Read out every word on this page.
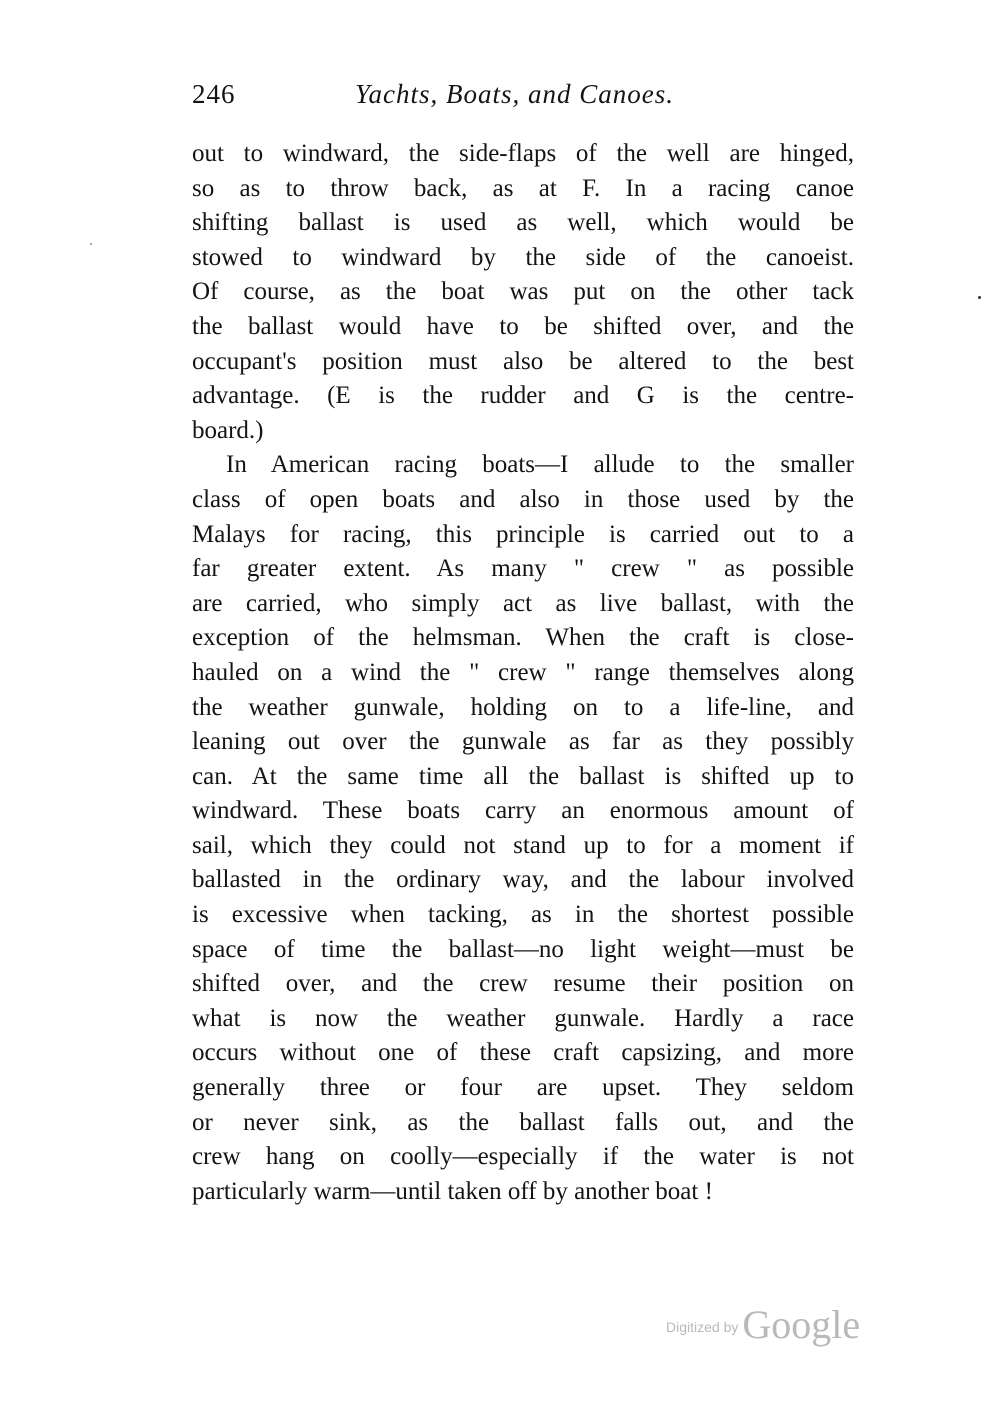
246	Yachts, Boats, and Canoes.
out to windward, the side-flaps of the well are hinged,
so as to throw back, as at F. In a racing canoe
shifting ballast is used as well, which would be
stowed to windward by the side of the canoeist.
Of course, as the boat was put on the other tack
the ballast would have to be shifted over, and the
occupant's position must also be altered to the best
advantage. (E is the rudder and G is the centre-
board.)
In American racing boats—I allude to the smaller
class of open boats and also in those used by the
Malays for racing, this principle is carried out to a
far greater extent. As many " crew " as possible
are carried, who simply act as live ballast, with the
exception of the helmsman. When the craft is close-
hauled on a wind the " crew " range themselves along
the weather gunwale, holding on to a life-line, and
leaning out over the gunwale as far as they possibly
can. At the same time all the ballast is shifted up to
windward. These boats carry an enormous amount of
sail, which they could not stand up to for a moment if
ballasted in the ordinary way, and the labour involved
is excessive when tacking, as in the shortest possible
space of time the ballast—no light weight—must be
shifted over, and the crew resume their position on
what is now the weather gunwale. Hardly a race
occurs without one of these craft capsizing, and more
generally three or four are upset. They seldom
or never sink, as the ballast falls out, and the
crew hang on coolly—especially if the water is not
particularly warm—until taken off by another boat !
Digitized by Google
